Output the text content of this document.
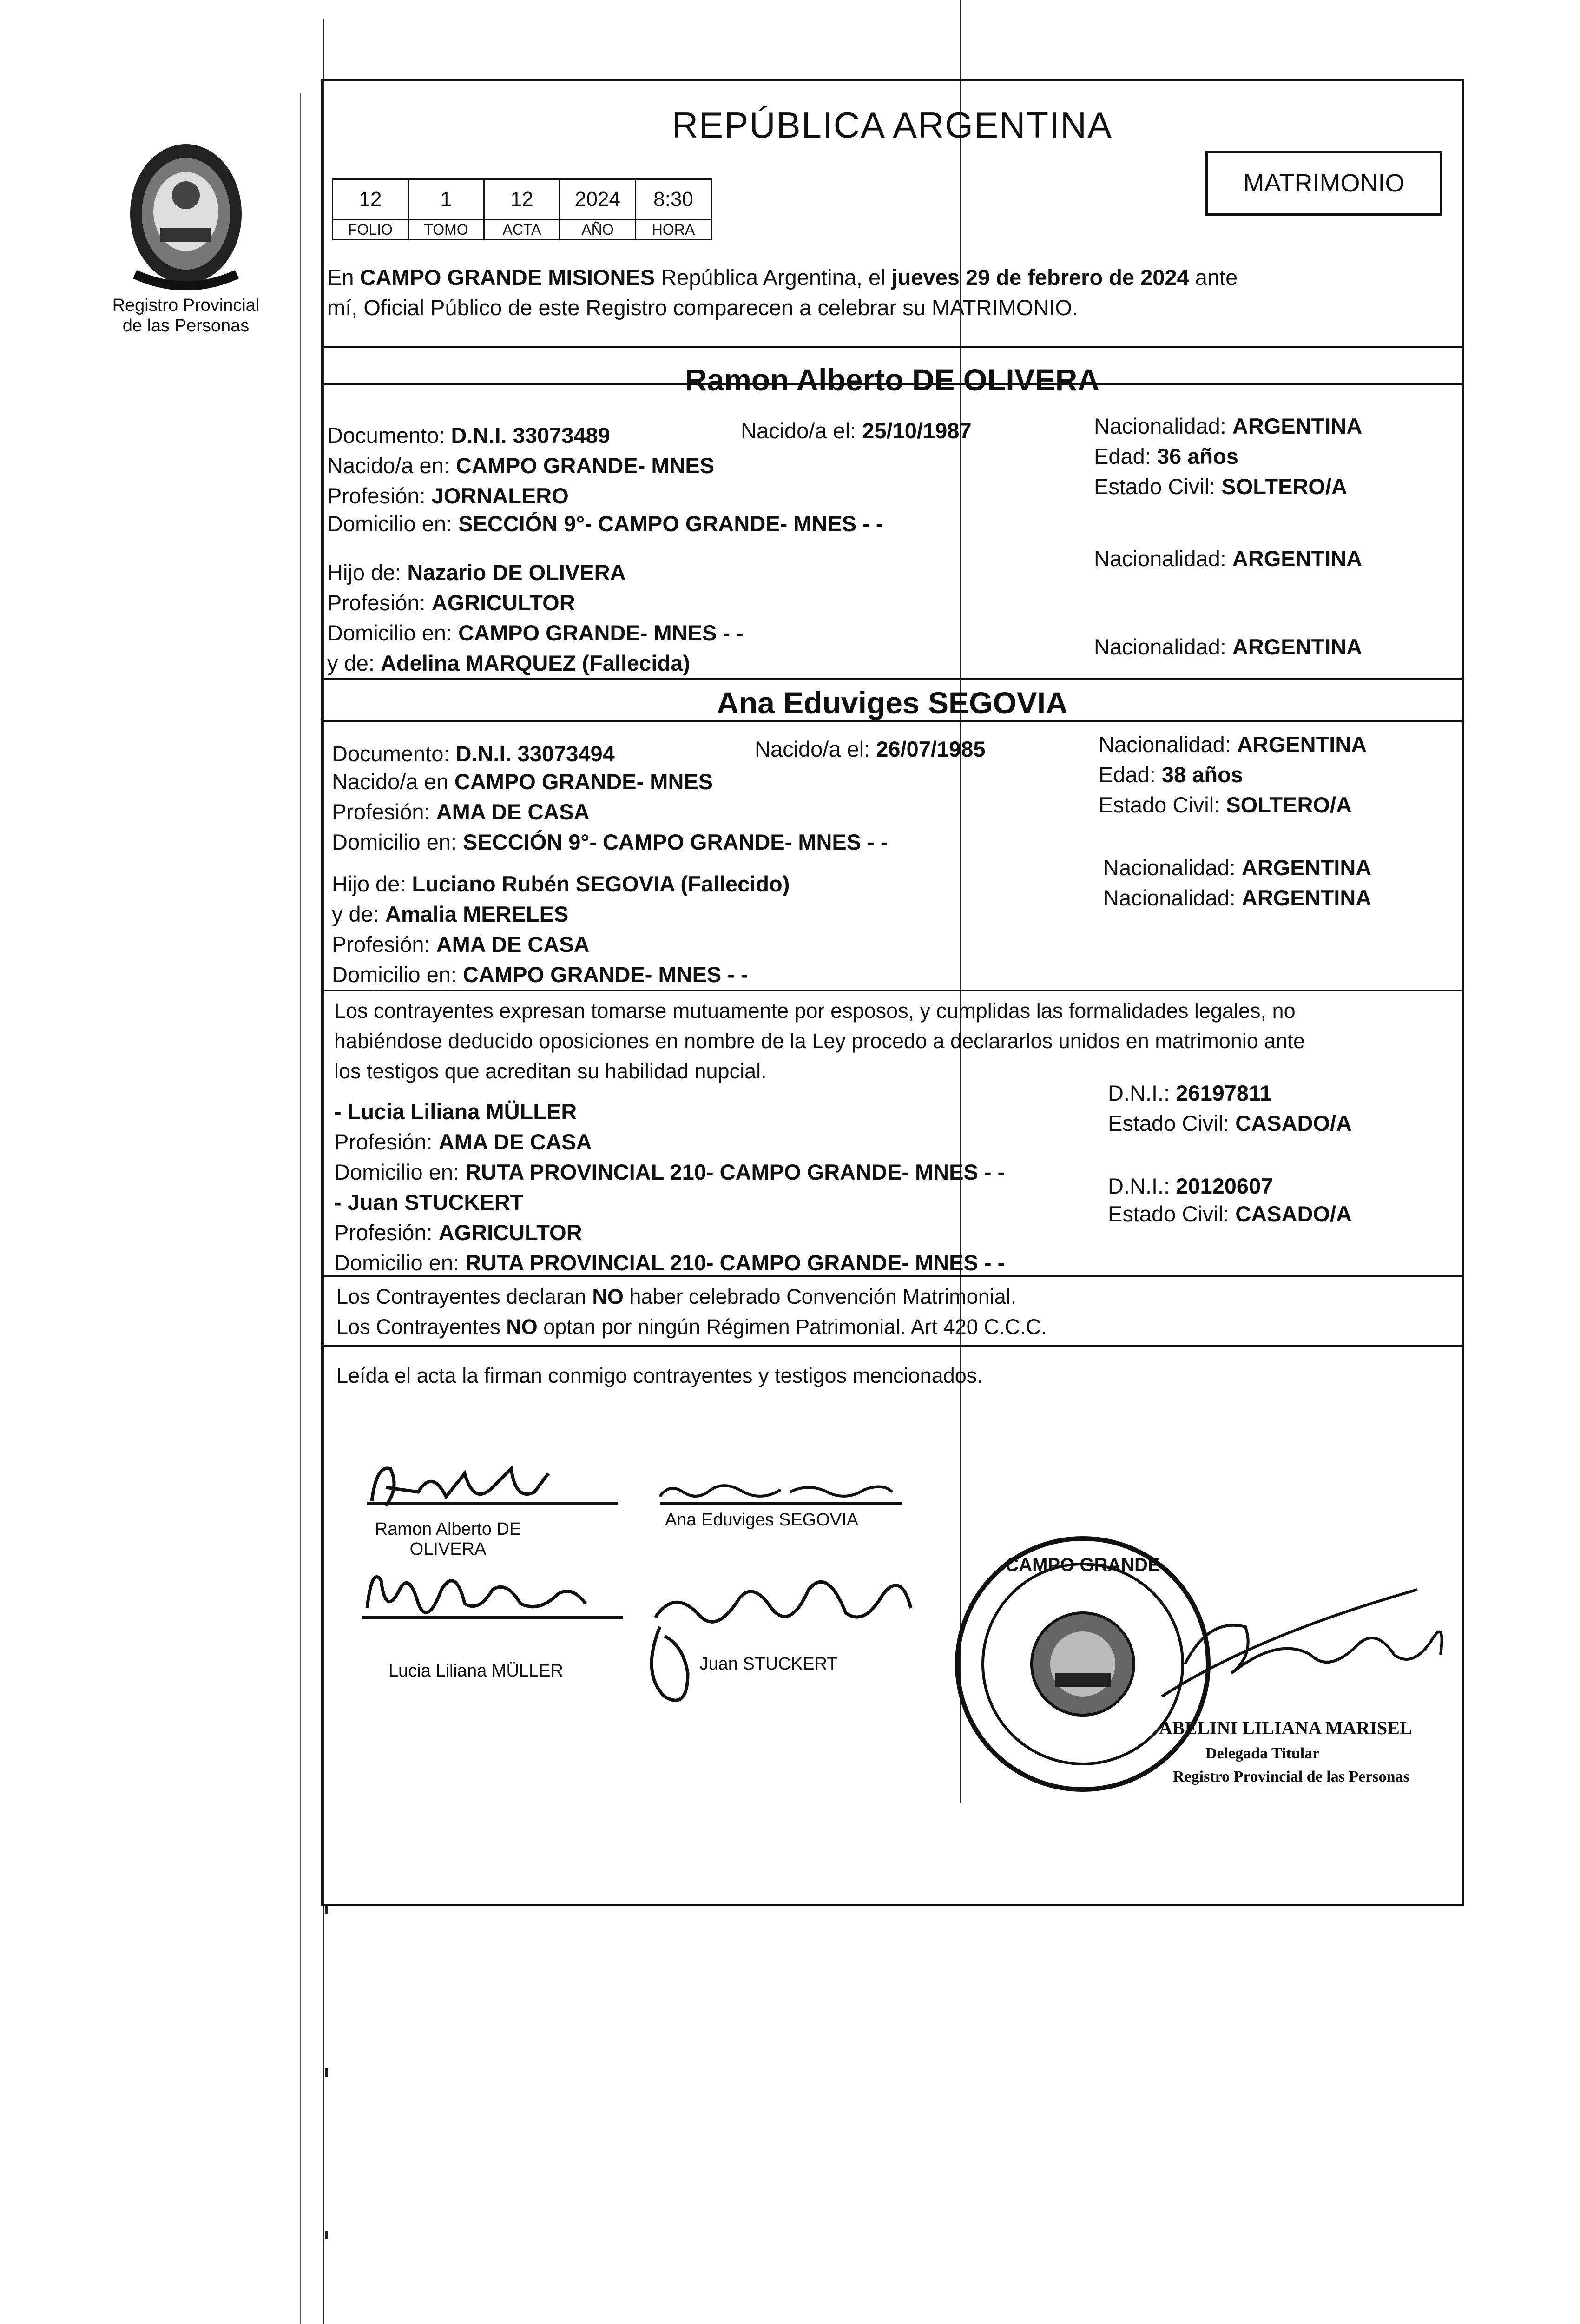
Registro Provincial
de las Personas
REPÚBLICA ARGENTINA
MATRIMONIO
12	1	12	2024	8:30
FOLIO	TOMO	ACTA	AÑO	HORA
En CAMPO GRANDE MISIONES República Argentina, el jueves 29 de febrero de 2024 ante
mí, Oficial Público de este Registro comparecen a celebrar su MATRIMONIO.
Ramon Alberto DE OLIVERA
Documento: D.N.I. 33073489	Nacido/a el: 25/10/1987	Nacionalidad: ARGENTINA
Nacido/a en: CAMPO GRANDE- MNES	Edad: 36 años
Estado Civil: SOLTERO/A
Profesión: JORNALERO
Domicilio en: SECCIÓN 9°- CAMPO GRANDE- MNES - -
Hijo de: Nazario DE OLIVERA
Nacionalidad: ARGENTINA
Profesión: AGRICULTOR
Domicilio en: CAMPO GRANDE- MNES - -
y de: Adelina MARQUEZ (Fallecida)
Nacionalidad: ARGENTINA
Ana Eduviges SEGOVIA
Documento: D.N.I. 33073494	Nacido/a el: 26/07/1985	Nacionalidad: ARGENTINA
Nacido/a en CAMPO GRANDE- MNES	Edad: 38 años
Estado Civil: SOLTERO/A
Profesión: AMA DE CASA
Domicilio en: SECCIÓN 9°- CAMPO GRANDE- MNES - -
Hijo de: Luciano Rubén SEGOVIA (Fallecido)
Nacionalidad: ARGENTINA
y de: Amalia MERELES
Nacionalidad: ARGENTINA
Profesión: AMA DE CASA
Domicilio en: CAMPO GRANDE- MNES - -
Los contrayentes expresan tomarse mutuamente por esposos, y cumplidas las formalidades legales, no
habiéndose deducido oposiciones en nombre de la Ley procedo a declararlos unidos en matrimonio ante
los testigos que acreditan su habilidad nupcial.
- Lucia Liliana MÜLLER
D.N.I.: 26197811
Profesión: AMA DE CASA
Estado Civil: CASADO/A
Domicilio en: RUTA PROVINCIAL 210- CAMPO GRANDE- MNES - -
- Juan STUCKERT
D.N.I.: 20120607
Profesión: AGRICULTOR
Estado Civil: CASADO/A
Domicilio en: RUTA PROVINCIAL 210- CAMPO GRANDE- MNES - -
Los Contrayentes declaran NO haber celebrado Convención Matrimonial.
Los Contrayentes NO optan por ningún Régimen Patrimonial. Art 420 C.C.C.
Leída el acta la firman conmigo contrayentes y testigos mencionados.
Ramon Alberto DE
OLIVERA
Ana Eduviges SEGOVIA
Lucia Liliana MÜLLER	Juan STUCKERT
ABELINI LILIANA MARISEL
Delegada Titular
Registro Provincial de las Personas
CAMPO GRANDE
